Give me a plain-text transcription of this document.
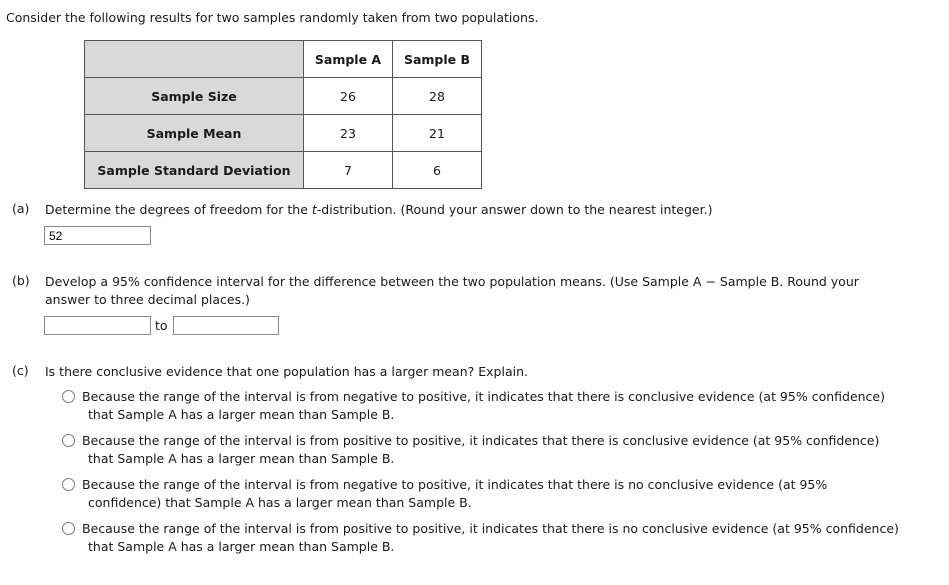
Consider the following results for two samples randomly taken from two populations.
	Sample A	Sample B
Sample Size	26	28
Sample Mean	23	21
Sample Standard Deviation	7	6
(a) Determine the degrees of freedom for the t-distribution. (Round your answer down to the nearest integer.)
52
(b) Develop a 95% confidence interval for the difference between the two population means. (Use Sample A − Sample B. Round your
answer to three decimal places.)
to
(c) Is there conclusive evidence that one population has a larger mean? Explain.
Because the range of the interval is from negative to positive, it indicates that there is conclusive evidence (at 95% confidence)
that Sample A has a larger mean than Sample B.
Because the range of the interval is from positive to positive, it indicates that there is conclusive evidence (at 95% confidence)
that Sample A has a larger mean than Sample B.
Because the range of the interval is from negative to positive, it indicates that there is no conclusive evidence (at 95%
confidence) that Sample A has a larger mean than Sample B.
Because the range of the interval is from positive to positive, it indicates that there is no conclusive evidence (at 95% confidence)
that Sample A has a larger mean than Sample B.
